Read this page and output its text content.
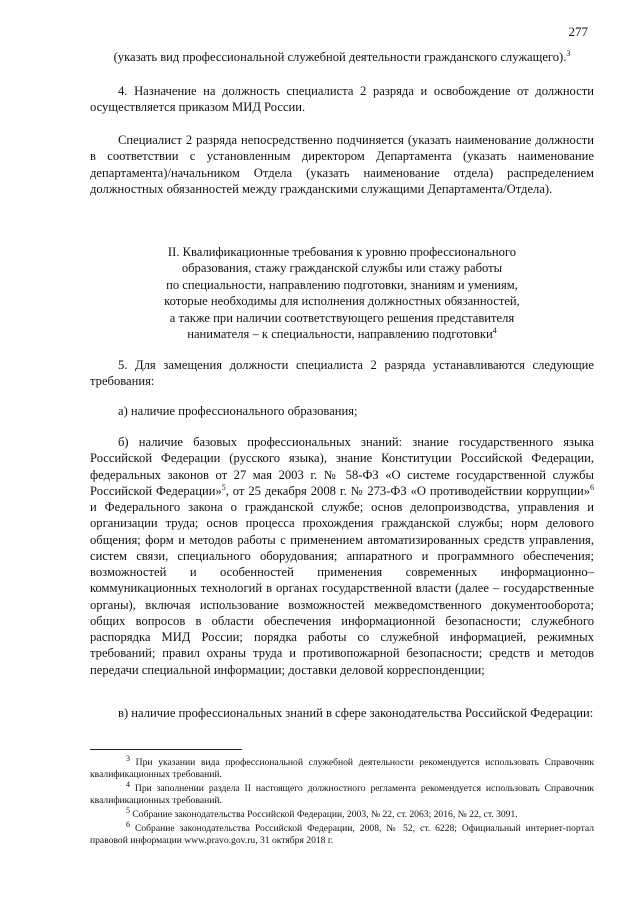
277

(указать вид профессиональной служебной деятельности гражданского служащего).$^3$

4. Назначение на должность специалиста 2 разряда и освобождение от должности осуществляется приказом МИД России.

Специалист 2 разряда непосредственно подчиняется (указать наименование должности в соответствии с установленным директором Департамента (указать наименование департамента)/начальником Отдела (указать наименование отдела) распределением должностных обязанностей между гражданскими служащими Департамента/Отдела).

II. Квалификационные требования к уровню профессионального
образования, стажу гражданской службы или стажу работы
по специальности, направлению подготовки, знаниям и умениям,
которые необходимы для исполнения должностных обязанностей,
а также при наличии соответствующего решения представителя
нанимателя – к специальности, направлению подготовки$^4$

5. Для замещения должности специалиста 2 разряда устанавливаются следующие требования:

а) наличие профессионального образования;

б) наличие базовых профессиональных знаний: знание государственного языка Российской Федерации (русского языка), знание Конституции Российской Федерации, федеральных законов от 27 мая 2003 г. № 58-ФЗ «О системе государственной службы Российской Федерации»$^5$, от 25 декабря 2008 г. № 273-ФЗ «О противодействии коррупции»$^6$ и Федерального закона о гражданской службе; основ делопроизводства, управления и организации труда; основ процесса прохождения гражданской службы; норм делового общения; форм и методов работы с применением автоматизированных средств управления, систем связи, специального оборудования; аппаратного и программного обеспечения; возможностей и особенностей применения современных информационно–коммуникационных технологий в органах государственной власти (далее – государственные органы), включая использование возможностей межведомственного документооборота; общих вопросов в области обеспечения информационной безопасности; служебного распорядка МИД России; порядка работы со служебной информацией, режимных требований; правил охраны труда и противопожарной безопасности; средств и методов передачи специальной информации; доставки деловой корреспонденции;

в) наличие профессиональных знаний в сфере законодательства Российской Федерации:

$^3$ При указании вида профессиональной служебной деятельности рекомендуется использовать Справочник квалификационных требований.

$^4$ При заполнении раздела II настоящего должностного регламента рекомендуется использовать Справочник квалификационных требований.

$^5$ Собрание законодательства Российской Федерации, 2003, № 22, ст. 2063; 2016, № 22, ст. 3091.

$^6$ Собрание законодательства Российской Федерации, 2008, № 52, ст. 6228; Официальный интернет-портал правовой информации www.pravo.gov.ru, 31 октября 2018 г.
